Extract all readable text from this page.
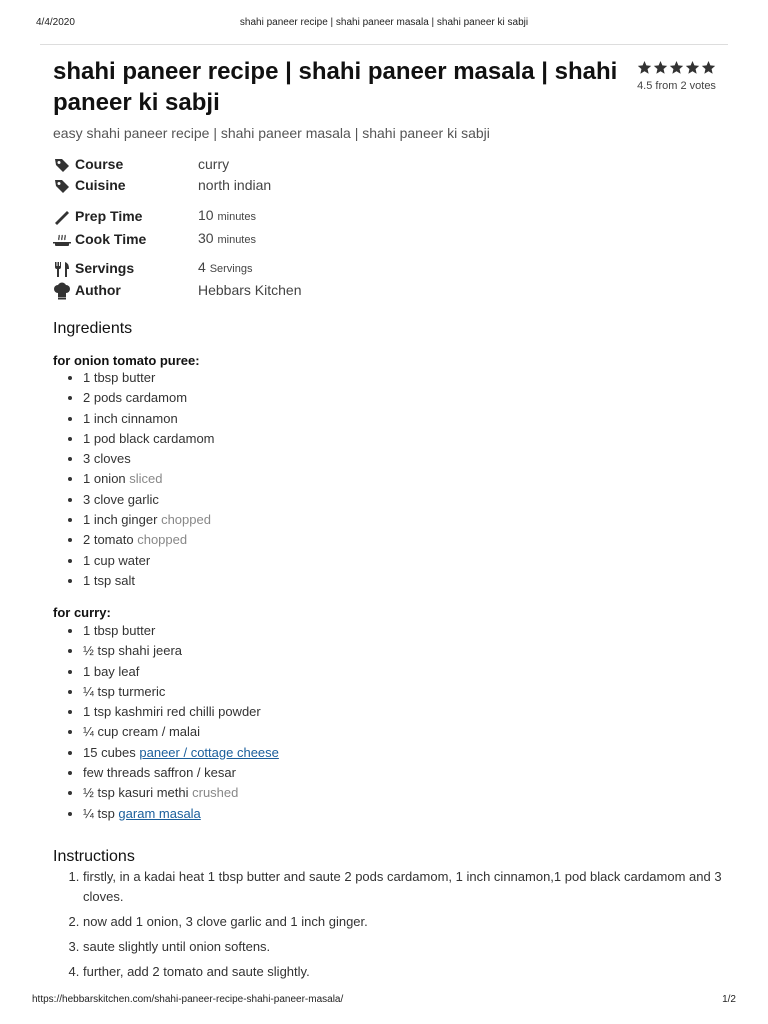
4/4/2020	shahi paneer recipe | shahi paneer masala | shahi paneer ki sabji
shahi paneer recipe | shahi paneer masala | shahi paneer ki sabji
4.5 from 2 votes
easy shahi paneer recipe | shahi paneer masala | shahi paneer ki sabji
Course	curry
Cuisine	north indian
Prep Time	10 minutes
Cook Time	30 minutes
Servings	4 Servings
Author	Hebbars Kitchen
Ingredients
for onion tomato puree:
• 1 tbsp butter
• 2 pods cardamom
• 1 inch cinnamon
• 1 pod black cardamom
• 3 cloves
• 1 onion sliced
• 3 clove garlic
• 1 inch ginger chopped
• 2 tomato chopped
• 1 cup water
• 1 tsp salt
for curry:
• 1 tbsp butter
• ½ tsp shahi jeera
• 1 bay leaf
• ¼ tsp turmeric
• 1 tsp kashmiri red chilli powder
• ¼ cup cream / malai
• 15 cubes paneer / cottage cheese
• few threads saffron / kesar
• ½ tsp kasuri methi crushed
• ¼ tsp garam masala
Instructions
1. firstly, in a kadai heat 1 tbsp butter and saute 2 pods cardamom, 1 inch cinnamon,1 pod black cardamom and 3 cloves.
2. now add 1 onion, 3 clove garlic and 1 inch ginger.
3. saute slightly until onion softens.
4. further, add 2 tomato and saute slightly.
https://hebbarskitchen.com/shahi-paneer-recipe-shahi-paneer-masala/	1/2
